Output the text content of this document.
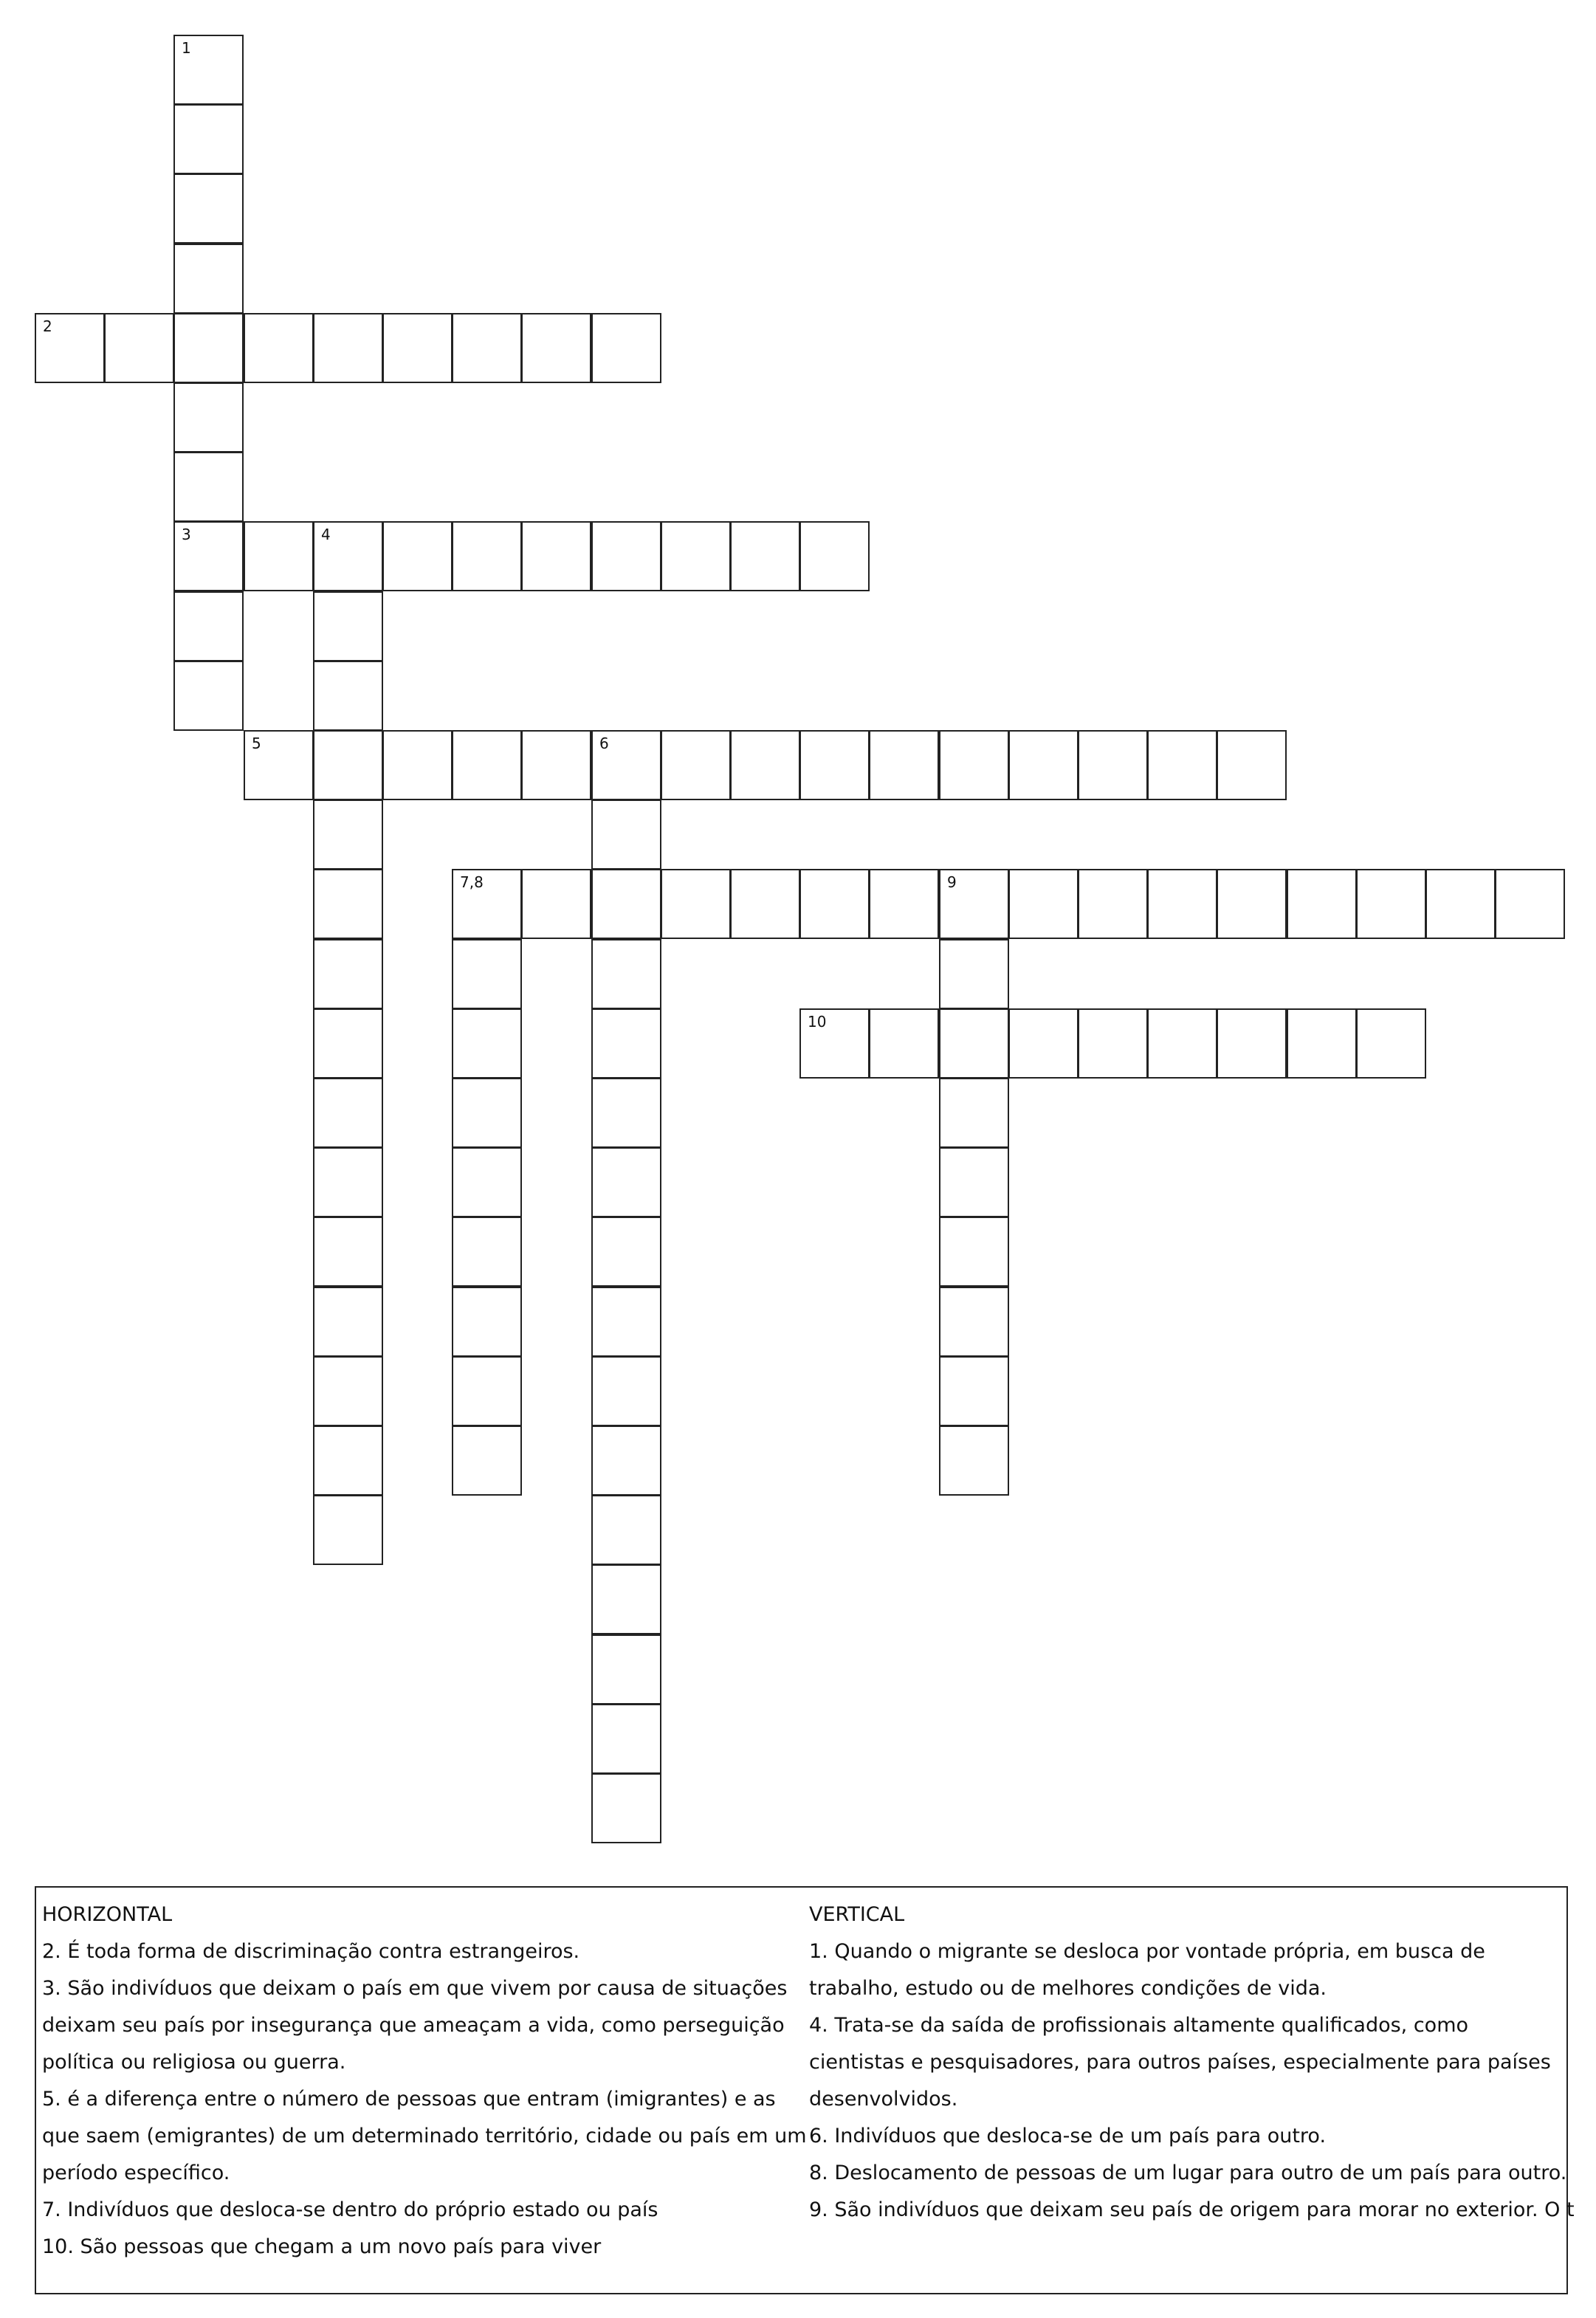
1
2
3	4
5	6
7,8	9
10
HORIZONTAL
2. É toda forma de discriminação contra estrangeiros.
3. São indivíduos que deixam o país em que vivem por causa de situações
deixam seu país por insegurança que ameaçam a vida, como perseguição
política ou religiosa ou guerra.
5. é a diferença entre o número de pessoas que entram (imigrantes) e as
que saem (emigrantes) de um determinado território, cidade ou país em um
período específico.
7. Indivíduos que desloca-se dentro do próprio estado ou país
10. São pessoas que chegam a um novo país para viver
VERTICAL
1. Quando o migrante se desloca por vontade própria, em busca de
trabalho, estudo ou de melhores condições de vida.
4. Trata-se da saída de profissionais altamente qualificados, como
cientistas e pesquisadores, para outros países, especialmente para países
desenvolvidos.
6. Indivíduos que desloca-se de um país para outro.
8. Deslocamento de pessoas de um lugar para outro de um país para outro.
9. São indivíduos que deixam seu país de origem para morar no exterior. O t
